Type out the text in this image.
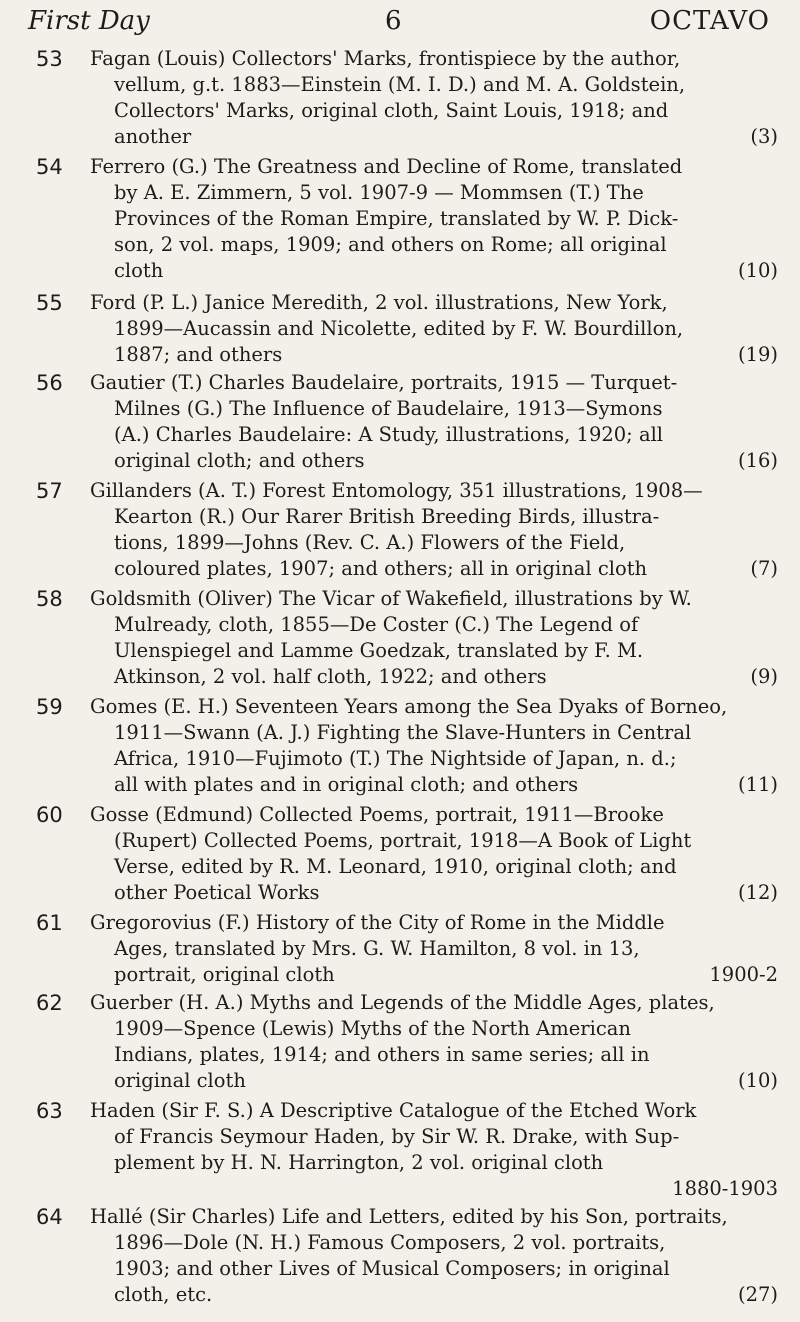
First Day	6	OCTAVO
53 Fagan (Louis) Collectors' Marks, frontispiece by the author,
vellum, g.t. 1883—Einstein (M. I. D.) and M. A. Goldstein,
Collectors' Marks, original cloth, Saint Louis, 1918; and
another	(3)
54 Ferrero (G.) The Greatness and Decline of Rome, translated
by A. E. Zimmern, 5 vol. 1907-9 — Mommsen (T.) The
Provinces of the Roman Empire, translated by W. P. Dick-
son, 2 vol. maps, 1909; and others on Rome; all original
cloth	(10)
55 Ford (P. L.) Janice Meredith, 2 vol. illustrations, New York,
1899—Aucassin and Nicolette, edited by F. W. Bourdillon,
1887; and others	(19)
56 Gautier (T.) Charles Baudelaire, portraits, 1915 — Turquet-
Milnes (G.) The Influence of Baudelaire, 1913—Symons
(A.) Charles Baudelaire: A Study, illustrations, 1920; all
original cloth; and others	(16)
57 Gillanders (A. T.) Forest Entomology, 351 illustrations, 1908—
Kearton (R.) Our Rarer British Breeding Birds, illustra-
tions, 1899—Johns (Rev. C. A.) Flowers of the Field,
coloured plates, 1907; and others; all in original cloth	(7)
58 Goldsmith (Oliver) The Vicar of Wakefield, illustrations by W.
Mulready, cloth, 1855—De Coster (C.) The Legend of
Ulenspiegel and Lamme Goedzak, translated by F. M.
Atkinson, 2 vol. half cloth, 1922; and others	(9)
59 Gomes (E. H.) Seventeen Years among the Sea Dyaks of Borneo,
1911—Swann (A. J.) Fighting the Slave-Hunters in Central
Africa, 1910—Fujimoto (T.) The Nightside of Japan, n. d.;
all with plates and in original cloth; and others	(11)
60 Gosse (Edmund) Collected Poems, portrait, 1911—Brooke
(Rupert) Collected Poems, portrait, 1918—A Book of Light
Verse, edited by R. M. Leonard, 1910, original cloth; and
other Poetical Works	(12)
61 Gregorovius (F.) History of the City of Rome in the Middle
Ages, translated by Mrs. G. W. Hamilton, 8 vol. in 13,
portrait, original cloth	1900-2
62 Guerber (H. A.) Myths and Legends of the Middle Ages, plates,
1909—Spence (Lewis) Myths of the North American
Indians, plates, 1914; and others in same series; all in
original cloth	(10)
63 Haden (Sir F. S.) A Descriptive Catalogue of the Etched Work
of Francis Seymour Haden, by Sir W. R. Drake, with Sup-
plement by H. N. Harrington, 2 vol. original cloth
1880-1903
64 Hallé (Sir Charles) Life and Letters, edited by his Son, portraits,
1896—Dole (N. H.) Famous Composers, 2 vol. portraits,
1903; and other Lives of Musical Composers; in original
cloth, etc.	(27)
